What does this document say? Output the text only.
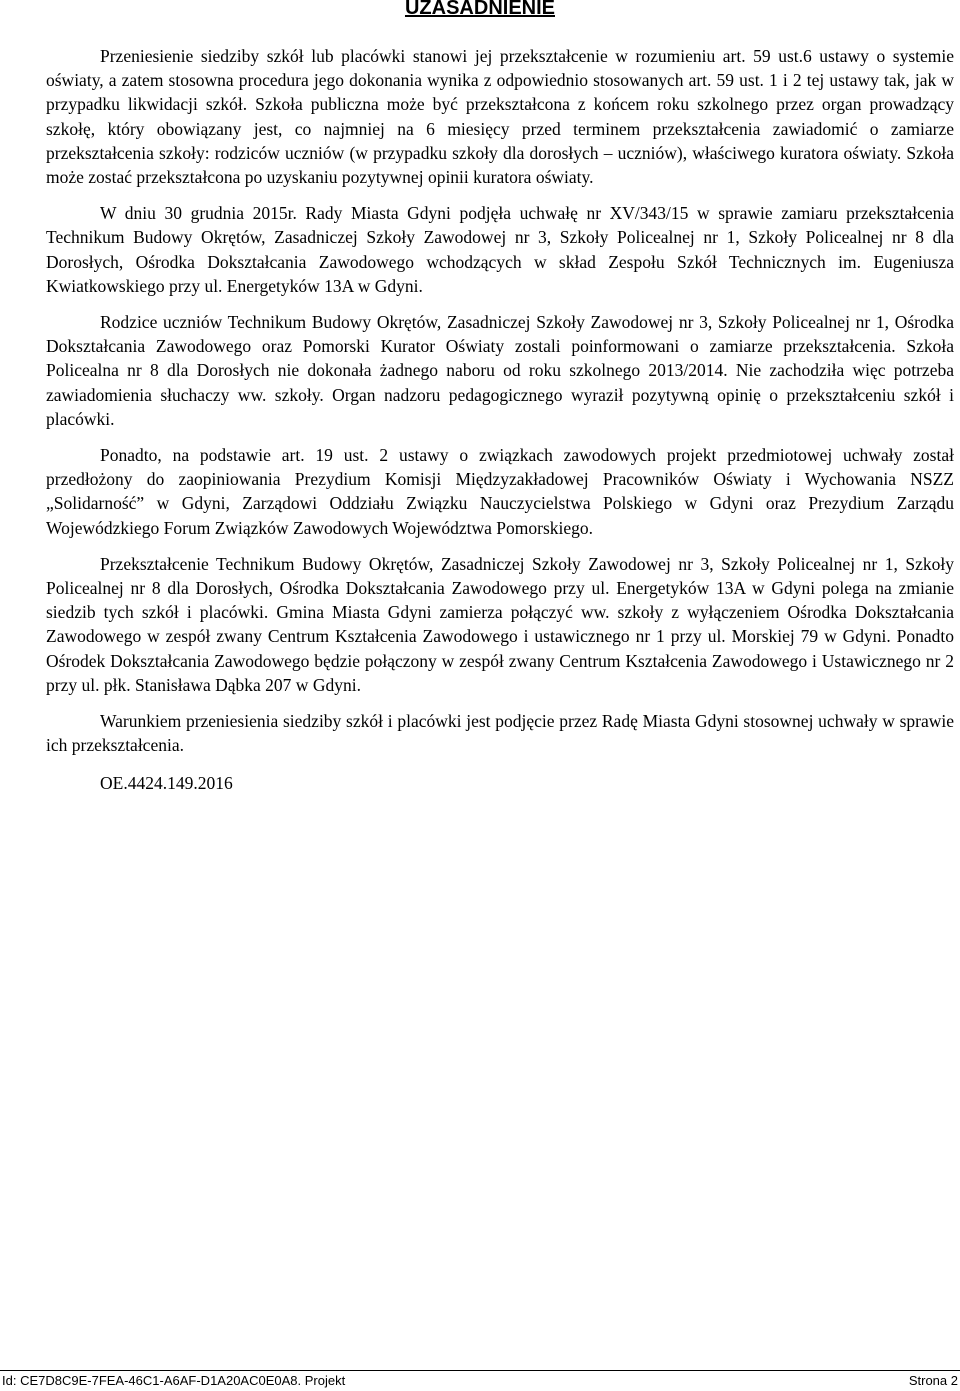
UZASADNIENIE

Przeniesienie siedziby szkół lub placówki stanowi jej przekształcenie w rozumieniu art. 59 ust.6 ustawy o systemie oświaty, a zatem stosowna procedura jego dokonania wynika z odpowiednio stosowanych art. 59 ust. 1 i 2 tej ustawy tak, jak w przypadku likwidacji szkół. Szkoła publiczna może być przekształcona z końcem roku szkolnego przez organ prowadzący szkołę, który obowiązany jest, co najmniej na 6 miesięcy przed terminem przekształcenia zawiadomić o zamiarze przekształcenia szkoły: rodziców uczniów (w przypadku szkoły dla dorosłych – uczniów), właściwego kuratora oświaty. Szkoła może zostać przekształcona po uzyskaniu pozytywnej opinii kuratora oświaty.

W dniu 30 grudnia 2015r. Rady Miasta Gdyni podjęła uchwałę nr XV/343/15 w sprawie zamiaru przekształcenia Technikum Budowy Okrętów, Zasadniczej Szkoły Zawodowej nr 3, Szkoły Policealnej nr 1, Szkoły Policealnej nr 8 dla Dorosłych, Ośrodka Dokształcania Zawodowego wchodzących w skład Zespołu Szkół Technicznych im. Eugeniusza Kwiatkowskiego przy ul. Energetyków 13A w Gdyni.

Rodzice uczniów Technikum Budowy Okrętów, Zasadniczej Szkoły Zawodowej nr 3, Szkoły Policealnej nr 1, Ośrodka Dokształcania Zawodowego oraz Pomorski Kurator Oświaty zostali poinformowani o zamiarze przekształcenia. Szkoła Policealna nr 8 dla Dorosłych nie dokonała żadnego naboru od roku szkolnego 2013/2014. Nie zachodziła więc potrzeba zawiadomienia słuchaczy ww. szkoły. Organ nadzoru pedagogicznego wyraził pozytywną opinię o przekształceniu szkół i placówki.

Ponadto, na podstawie art. 19 ust. 2 ustawy o związkach zawodowych projekt przedmiotowej uchwały został przedłożony do zaopiniowania Prezydium Komisji Międzyzakładowej Pracowników Oświaty i Wychowania NSZZ „Solidarność” w Gdyni, Zarządowi Oddziału Związku Nauczycielstwa Polskiego w Gdyni oraz Prezydium Zarządu Wojewódzkiego Forum Związków Zawodowych Województwa Pomorskiego.

Przekształcenie Technikum Budowy Okrętów, Zasadniczej Szkoły Zawodowej nr 3, Szkoły Policealnej nr 1, Szkoły Policealnej nr 8 dla Dorosłych, Ośrodka Dokształcania Zawodowego przy ul. Energetyków 13A w Gdyni polega na zmianie siedzib tych szkół i placówki. Gmina Miasta Gdyni zamierza połączyć ww. szkoły z wyłączeniem Ośrodka Dokształcania Zawodowego w zespół zwany Centrum Kształcenia Zawodowego i ustawicznego nr 1 przy ul. Morskiej 79 w Gdyni. Ponadto Ośrodek Dokształcania Zawodowego będzie połączony w zespół zwany Centrum Kształcenia Zawodowego i Ustawicznego nr 2 przy ul. płk. Stanisława Dąbka 207 w Gdyni.

Warunkiem przeniesienia siedziby szkół i placówki jest podjęcie przez Radę Miasta Gdyni stosownej uchwały w sprawie ich przekształcenia.

OE.4424.149.2016

Id: CE7D8C9E-7FEA-46C1-A6AF-D1A20AC0E0A8. Projekt	Strona 2
